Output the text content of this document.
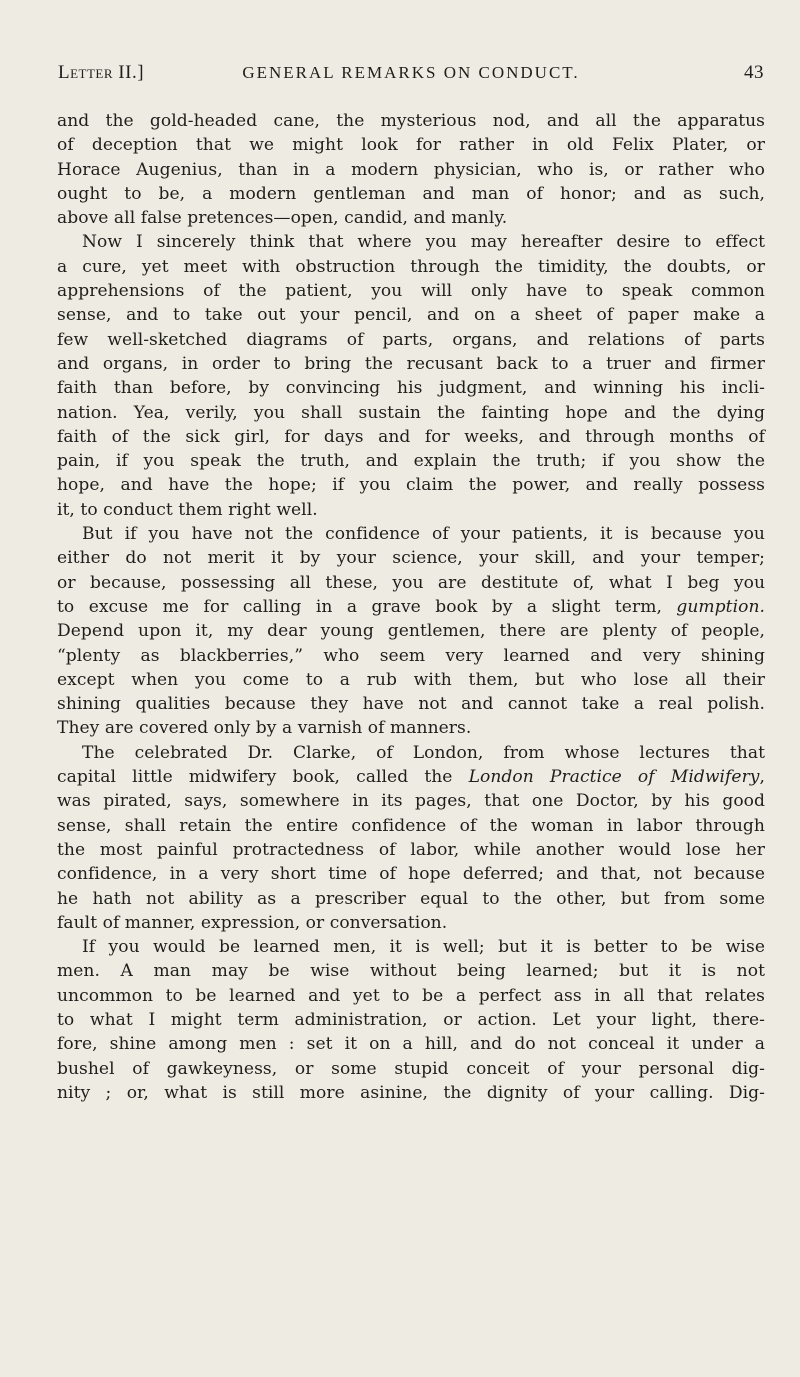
Letter II.]	GENERAL REMARKS ON CONDUCT.	43
and the gold-headed cane, the mysterious nod, and all the apparatus
of deception that we might look for rather in old Felix Plater, or
Horace Augenius, than in a modern physician, who is, or rather who
ought to be, a modern gentleman and man of honor; and as such,
above all false pretences—open, candid, and manly.
Now I sincerely think that where you may hereafter desire to effect
a cure, yet meet with obstruction through the timidity, the doubts, or
apprehensions of the patient, you will only have to speak common
sense, and to take out your pencil, and on a sheet of paper make a
few well-sketched diagrams of parts, organs, and relations of parts
and organs, in order to bring the recusant back to a truer and firmer
faith than before, by convincing his judgment, and winning his incli-
nation. Yea, verily, you shall sustain the fainting hope and the dying
faith of the sick girl, for days and for weeks, and through months of
pain, if you speak the truth, and explain the truth; if you show the
hope, and have the hope; if you claim the power, and really possess
it, to conduct them right well.
But if you have not the confidence of your patients, it is because you
either do not merit it by your science, your skill, and your temper;
or because, possessing all these, you are destitute of, what I beg you
to excuse me for calling in a grave book by a slight term, gumption.
Depend upon it, my dear young gentlemen, there are plenty of people,
“plenty as blackberries,” who seem very learned and very shining
except when you come to a rub with them, but who lose all their
shining qualities because they have not and cannot take a real polish.
They are covered only by a varnish of manners.
The celebrated Dr. Clarke, of London, from whose lectures that
capital little midwifery book, called the London Practice of Midwifery,
was pirated, says, somewhere in its pages, that one Doctor, by his good
sense, shall retain the entire confidence of the woman in labor through
the most painful protractedness of labor, while another would lose her
confidence, in a very short time of hope deferred; and that, not because
he hath not ability as a prescriber equal to the other, but from some
fault of manner, expression, or conversation.
If you would be learned men, it is well; but it is better to be wise
men. A man may be wise without being learned; but it is not
uncommon to be learned and yet to be a perfect ass in all that relates
to what I might term administration, or action. Let your light, there-
fore, shine among men : set it on a hill, and do not conceal it under a
bushel of gawkeyness, or some stupid conceit of your personal dig-
nity ; or, what is still more asinine, the dignity of your calling. Dig-
